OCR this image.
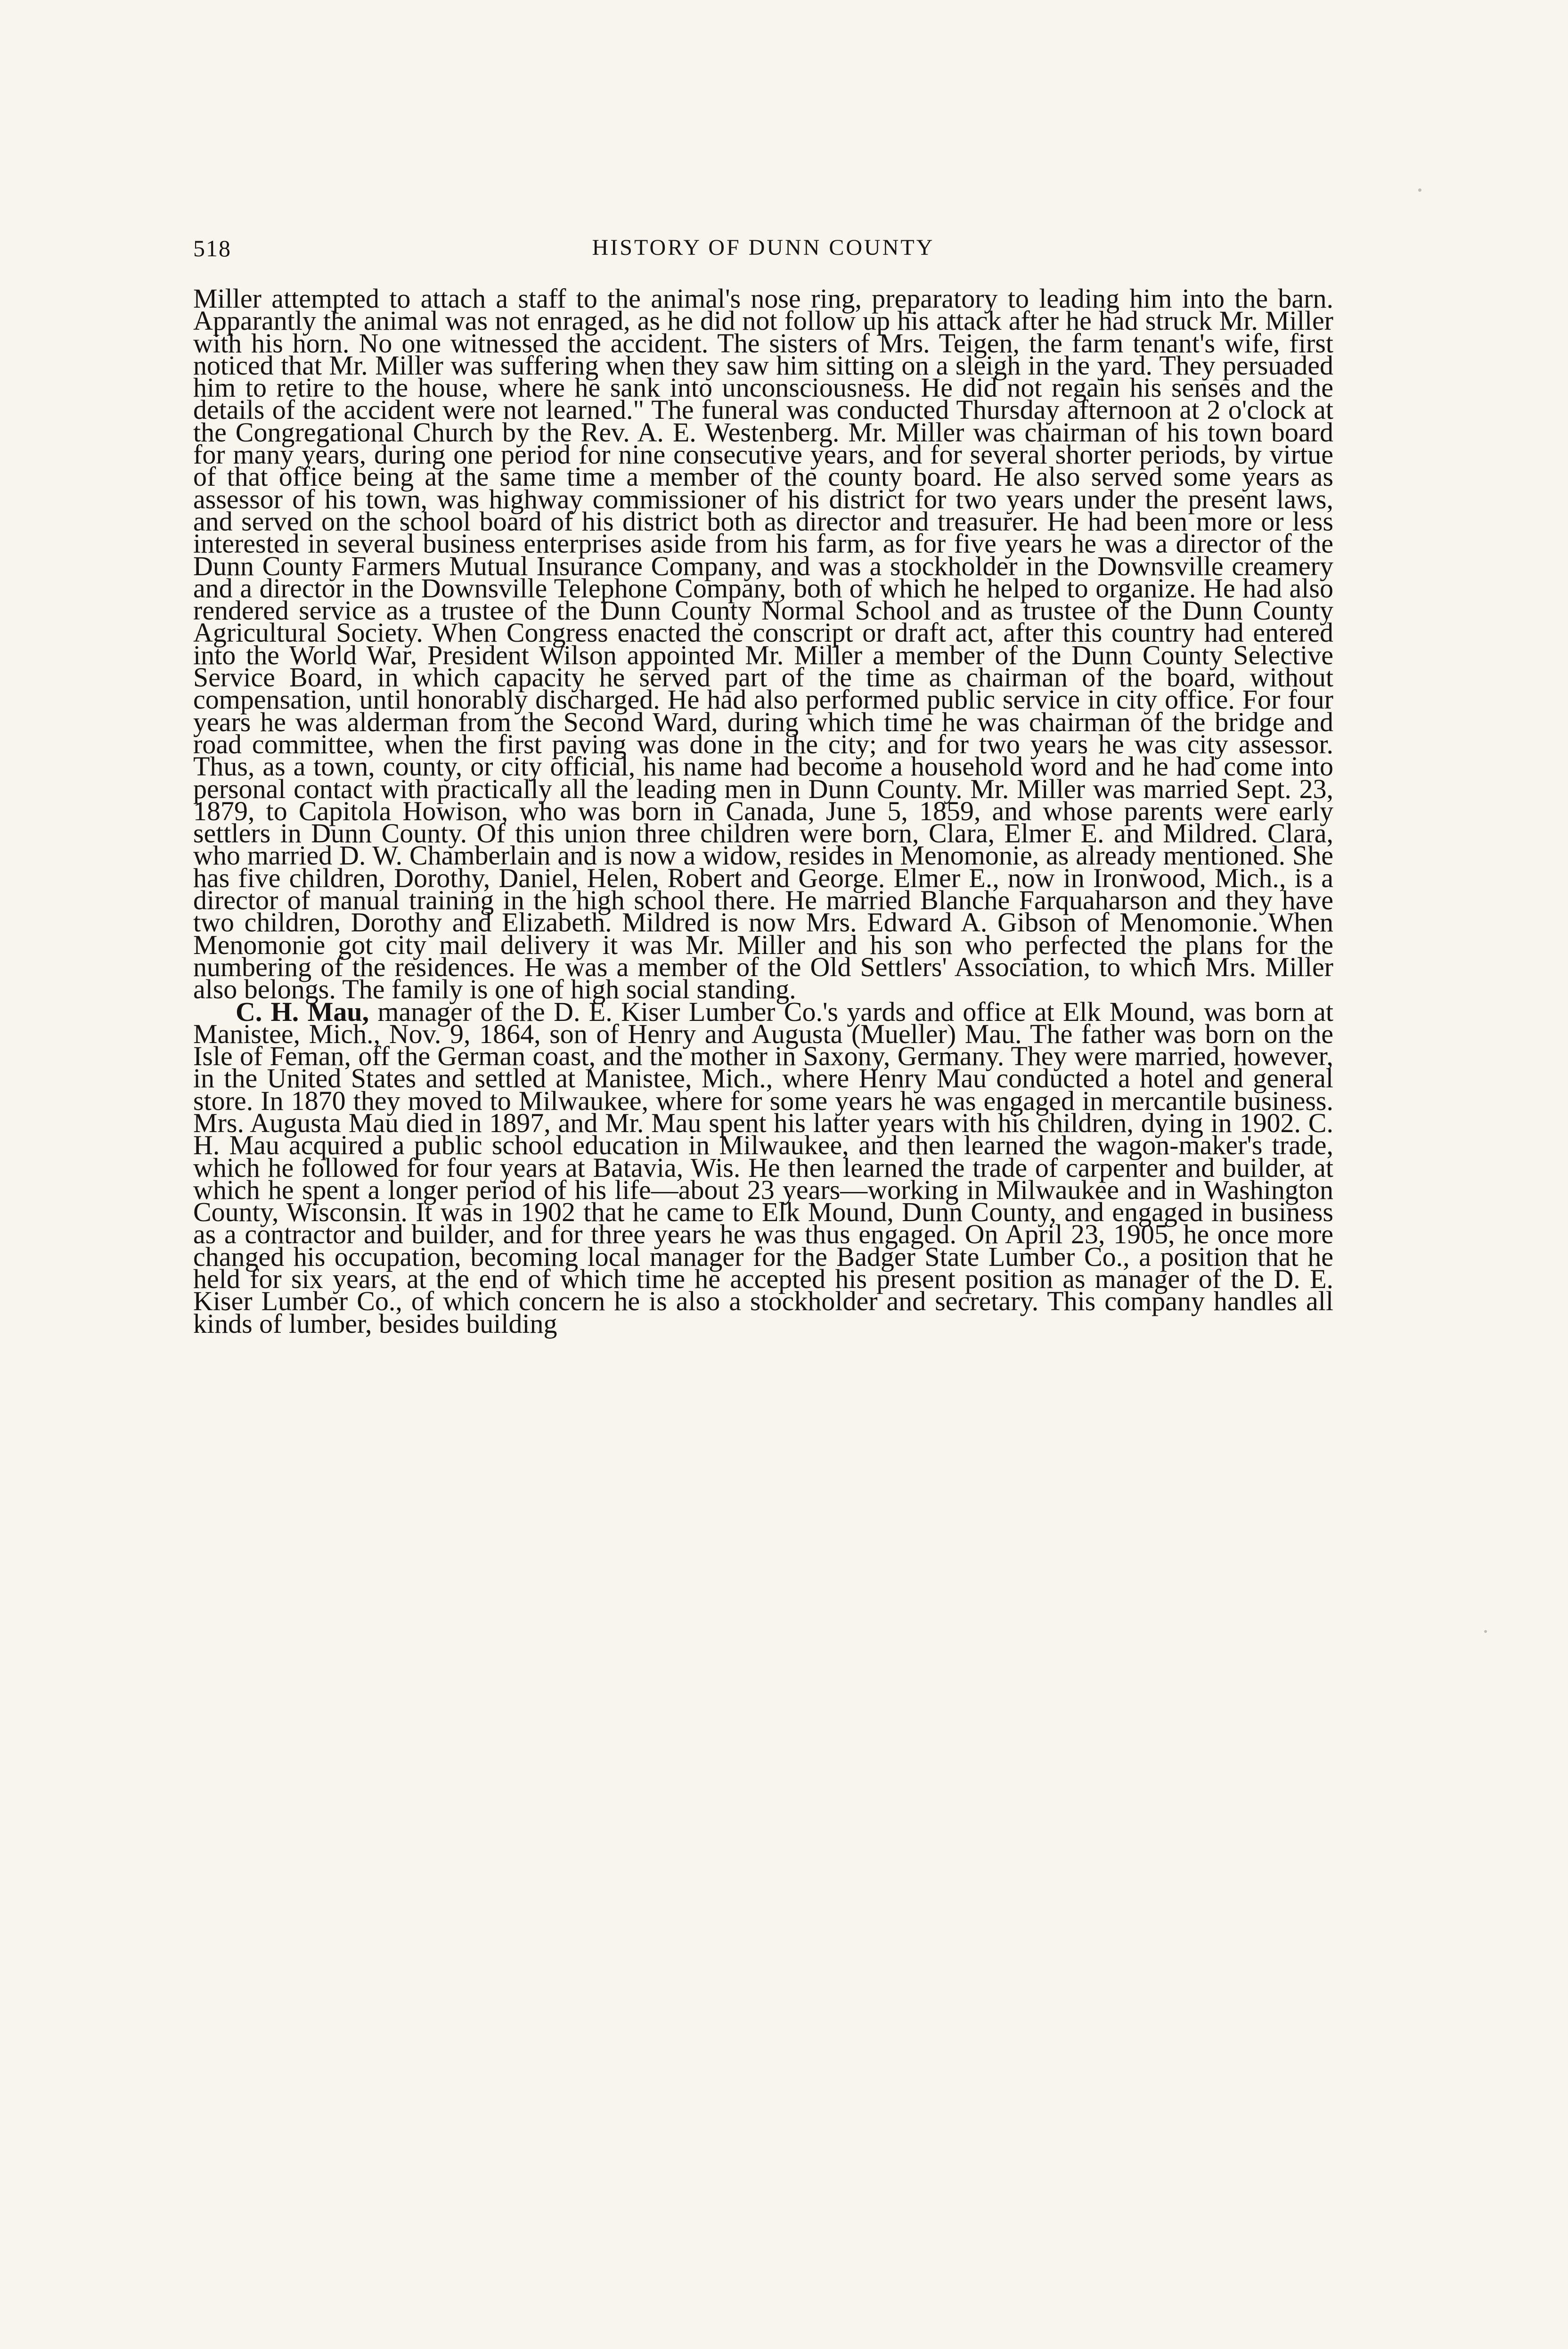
518	HISTORY OF DUNN COUNTY

Miller attempted to attach a staff to the animal's nose ring, preparatory to leading him into the barn. Apparantly the animal was not enraged, as he did not follow up his attack after he had struck Mr. Miller with his horn. No one witnessed the accident. The sisters of Mrs. Teigen, the farm tenant's wife, first noticed that Mr. Miller was suffering when they saw him sitting on a sleigh in the yard. They persuaded him to retire to the house, where he sank into unconsciousness. He did not regain his senses and the details of the accident were not learned." The funeral was conducted Thursday afternoon at 2 o'clock at the Congregational Church by the Rev. A. E. Westenberg. Mr. Miller was chairman of his town board for many years, during one period for nine consecutive years, and for several shorter periods, by virtue of that office being at the same time a member of the county board. He also served some years as assessor of his town, was highway commissioner of his district for two years under the present laws, and served on the school board of his district both as director and treasurer. He had been more or less interested in several business enterprises aside from his farm, as for five years he was a director of the Dunn County Farmers Mutual Insurance Company, and was a stockholder in the Downsville creamery and a director in the Downsville Telephone Company, both of which he helped to organize. He had also rendered service as a trustee of the Dunn County Normal School and as trustee of the Dunn County Agricultural Society. When Congress enacted the conscript or draft act, after this country had entered into the World War, President Wilson appointed Mr. Miller a member of the Dunn County Selective Service Board, in which capacity he served part of the time as chairman of the board, without compensation, until honorably discharged. He had also performed public service in city office. For four years he was alderman from the Second Ward, during which time he was chairman of the bridge and road committee, when the first paving was done in the city; and for two years he was city assessor. Thus, as a town, county, or city official, his name had become a household word and he had come into personal contact with practically all the leading men in Dunn County. Mr. Miller was married Sept. 23, 1879, to Capitola Howison, who was born in Canada, June 5, 1859, and whose parents were early settlers in Dunn County. Of this union three children were born, Clara, Elmer E. and Mildred. Clara, who married D. W. Chamberlain and is now a widow, resides in Menomonie, as already mentioned. She has five children, Dorothy, Daniel, Helen, Robert and George. Elmer E., now in Ironwood, Mich., is a director of manual training in the high school there. He married Blanche Farquaharson and they have two children, Dorothy and Elizabeth. Mildred is now Mrs. Edward A. Gibson of Menomonie. When Menomonie got city mail delivery it was Mr. Miller and his son who perfected the plans for the numbering of the residences. He was a member of the Old Settlers' Association, to which Mrs. Miller also belongs. The family is one of high social standing.

C. H. Mau, manager of the D. E. Kiser Lumber Co.'s yards and office at Elk Mound, was born at Manistee, Mich., Nov. 9, 1864, son of Henry and Augusta (Mueller) Mau. The father was born on the Isle of Feman, off the German coast, and the mother in Saxony, Germany. They were married, however, in the United States and settled at Manistee, Mich., where Henry Mau conducted a hotel and general store. In 1870 they moved to Milwaukee, where for some years he was engaged in mercantile business. Mrs. Augusta Mau died in 1897, and Mr. Mau spent his latter years with his children, dying in 1902. C. H. Mau acquired a public school education in Milwaukee, and then learned the wagon-maker's trade, which he followed for four years at Batavia, Wis. He then learned the trade of carpenter and builder, at which he spent a longer period of his life—about 23 years—working in Milwaukee and in Washington County, Wisconsin. It was in 1902 that he came to Elk Mound, Dunn County, and engaged in business as a contractor and builder, and for three years he was thus engaged. On April 23, 1905, he once more changed his occupation, becoming local manager for the Badger State Lumber Co., a position that he held for six years, at the end of which time he accepted his present position as manager of the D. E. Kiser Lumber Co., of which concern he is also a stockholder and secretary. This company handles all kinds of lumber, besides building
